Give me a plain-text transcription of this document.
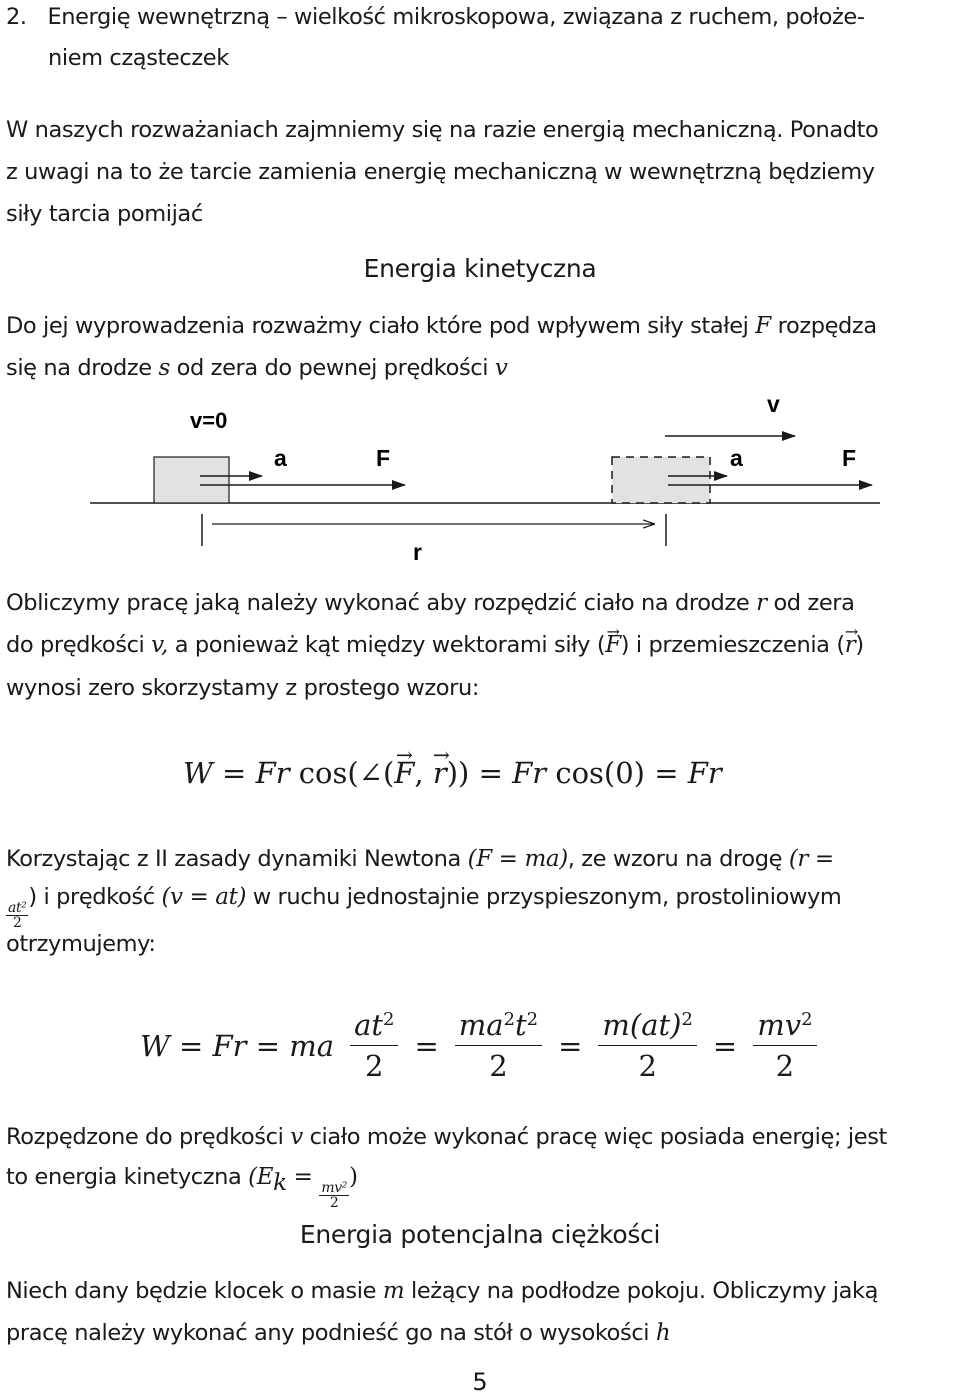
2. Energię wewnętrzną – wielkość mikroskopowa, związana z ruchem, położe-
niem cząsteczek
W naszych rozważaniach zajmniemy się na razie energią mechaniczną. Ponadto
z uwagi na to że tarcie zamienia energię mechaniczną w wewnętrzną będziemy
siły tarcia pomijać
Energia kinetyczna
Do jej wyprowadzenia rozważmy ciało które pod wpływem siły stałej F rozpędza
się na drodze s od zera do pewnej prędkości v
v=0
a	F
v
a	F
r
Obliczymy pracę jaką należy wykonać aby rozpędzić ciało na drodze r od zera
do prędkości v, a ponieważ kąt między wektorami siły (→ F) i przemieszczenia (→ r)
wynosi zero skorzystamy z prostego wzoru:
W = Fr cos(∠(→ F, → r)) = Fr cos(0) = Fr
Korzystając z II zasady dynamiki Newtona (F = ma), ze wzoru na drogę (r =
$\frac{\text{at²}}{2}$
) i prędkość (v = at) w ruchu jednostajnie przyspieszonym, prostoliniowym
otrzymujemy:
W = Fr = ma $\frac{at^2}{2} = \frac{ma^2t^2}{2} = \frac{m(at)^2}{2} = \frac{mv^2}{2}$
Rozpędzone do prędkości v ciało może wykonać pracę więc posiada energię; jest
to energia kinetyczna ($E_k$ =
$\frac{\text{mv²}}{2}$
)
Energia potencjalna ciężkości
Niech dany będzie klocek o masie m leżący na podłodze pokoju. Obliczymy jaką
pracę należy wykonać any podnieść go na stół o wysokości h
5
